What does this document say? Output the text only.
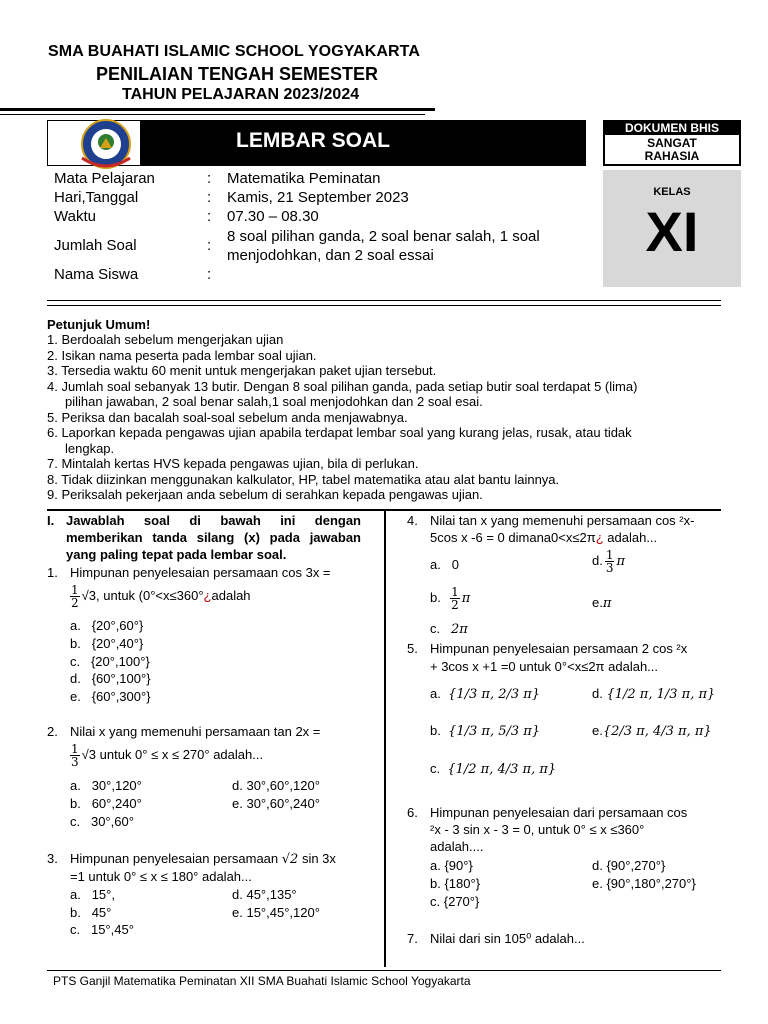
SMA BUAHATI ISLAMIC SCHOOL YOGYAKARTA
PENILAIAN TENGAH SEMESTER
TAHUN PELAJARAN 2023/2024
LEMBAR SOAL
DOKUMEN BHIS
SANGAT
RAHASIA
KELAS
XI
Mata Pelajaran	: Matematika Peminatan
Hari,Tanggal	: Kamis, 21 September 2023
Waktu	: 07.30 – 08.30
Jumlah Soal	:
8 soal pilihan ganda, 2 soal benar salah, 1 soal
menjodohkan, dan 2 soal essai
Nama Siswa	:
Petunjuk Umum!
1. Berdoalah sebelum mengerjakan ujian
2. Isikan nama peserta pada lembar soal ujian.
3. Tersedia waktu 60 menit untuk mengerjakan paket ujian tersebut.
4. Jumlah soal sebanyak 13 butir. Dengan 8 soal pilihan ganda, pada setiap butir soal terdapat 5 (lima)
pilihan jawaban, 2 soal benar salah,1 soal menjodohkan dan 2 soal esai.
5. Periksa dan bacalah soal-soal sebelum anda menjawabnya.
6. Laporkan kepada pengawas ujian apabila terdapat lembar soal yang kurang jelas, rusak, atau tidak
lengkap.
7. Mintalah kertas HVS kepada pengawas ujian, bila di perlukan.
8. Tidak diizinkan menggunakan kalkulator, HP, tabel matematika atau alat bantu lainnya.
9. Periksalah pekerjaan anda sebelum di serahkan kepada pengawas ujian.
I. Jawablah soal di bawah ini dengan
memberikan tanda silang (x) pada jawaban
yang paling tepat pada lembar soal.
1. Himpunan penyelesaian persamaan cos 3x =
$\frac{1}{2} √3$, untuk (0°<x≤360°¿adalah
a. {20°,60°}
b. {20°,40°}
c. {20°,100°}
d. {60°,100°}
e. {60°,300°}
2. Nilai x yang memenuhi persamaan tan 2x =
$\frac{1}{3} √3$ untuk 0° ≤ x ≤ 270° adalah...
a. 30°,120°	d. 30°,60°,120°
b. 60°,240°	e. 30°,60°,240°
c. 30°,60°
3. Himpunan penyelesaian persamaan √2 sin 3x
=1 untuk 0° ≤ x ≤ 180° adalah...
a. 15°,	d. 45°,135°
b. 45°	e. 15°,45°,120°
c. 15°,45°
4. Nilai tan x yang memenuhi persamaan cos ²x-
5cos x -6 = 0 dimana0<x≤2π¿ adalah...
a. 0	d. $\frac{1}{3}$ π
b. $\frac{1}{2}$ π	e.π
c. 2π
5. Himpunan penyelesaian persamaan 2 cos ²x
+ 3cos x +1 =0 untuk 0°<x≤2π adalah...
a. {1/3 π, 2/3 π}	d. {1/2 π, 1/3 π, π}
b. {1/3 π, 5/3 π}	e.{2/3 π, 4/3 π, π}
c. {1/2 π, 4/3 π, π}
6. Himpunan penyelesaian dari persamaan cos
²x - 3 sin x - 3 = 0, untuk 0° ≤ x ≤360°
adalah....
a. {90°}	d. {90°,270°}
b. {180°}	e. {90°,180°,270°}
c. {270°}
7. Nilai dari sin 105⁰ adalah...
PTS Ganjil Matematika Peminatan XII SMA Buahati Islamic School Yogyakarta
